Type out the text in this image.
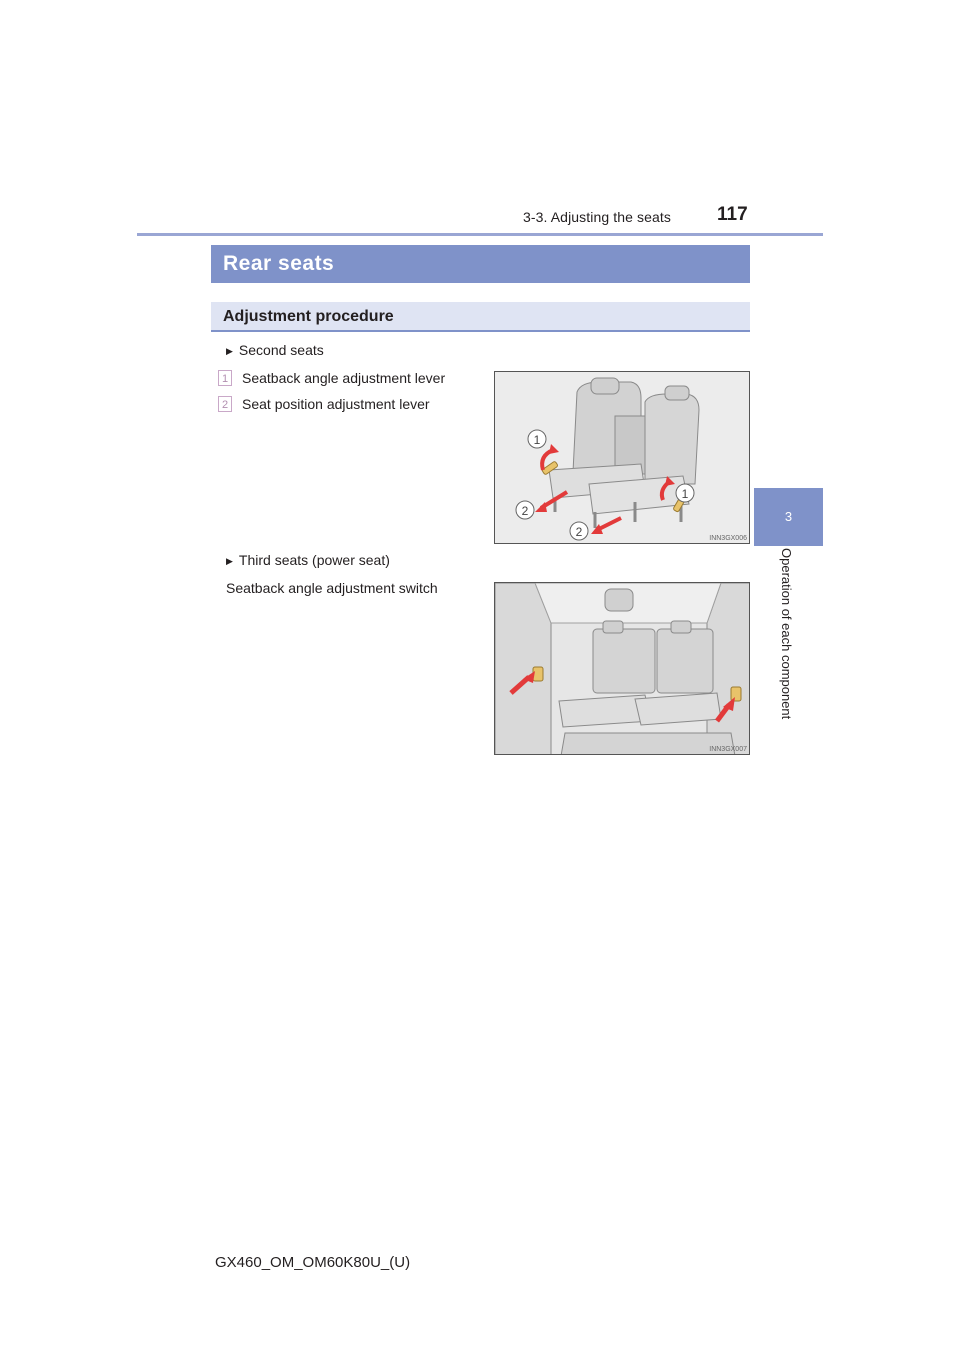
3-3. Adjusting the seats 117
3
Operation of each component
Rear seats
Adjustment procedure
▶ Second seats
1 Seatback angle adjustment lever
2 Seat position adjustment lever
1
1
2
2	INN3GX006
▶ Third seats (power seat)
Seatback angle adjustment switch
INN3GX007
GX460_OM_OM60K80U_(U)
